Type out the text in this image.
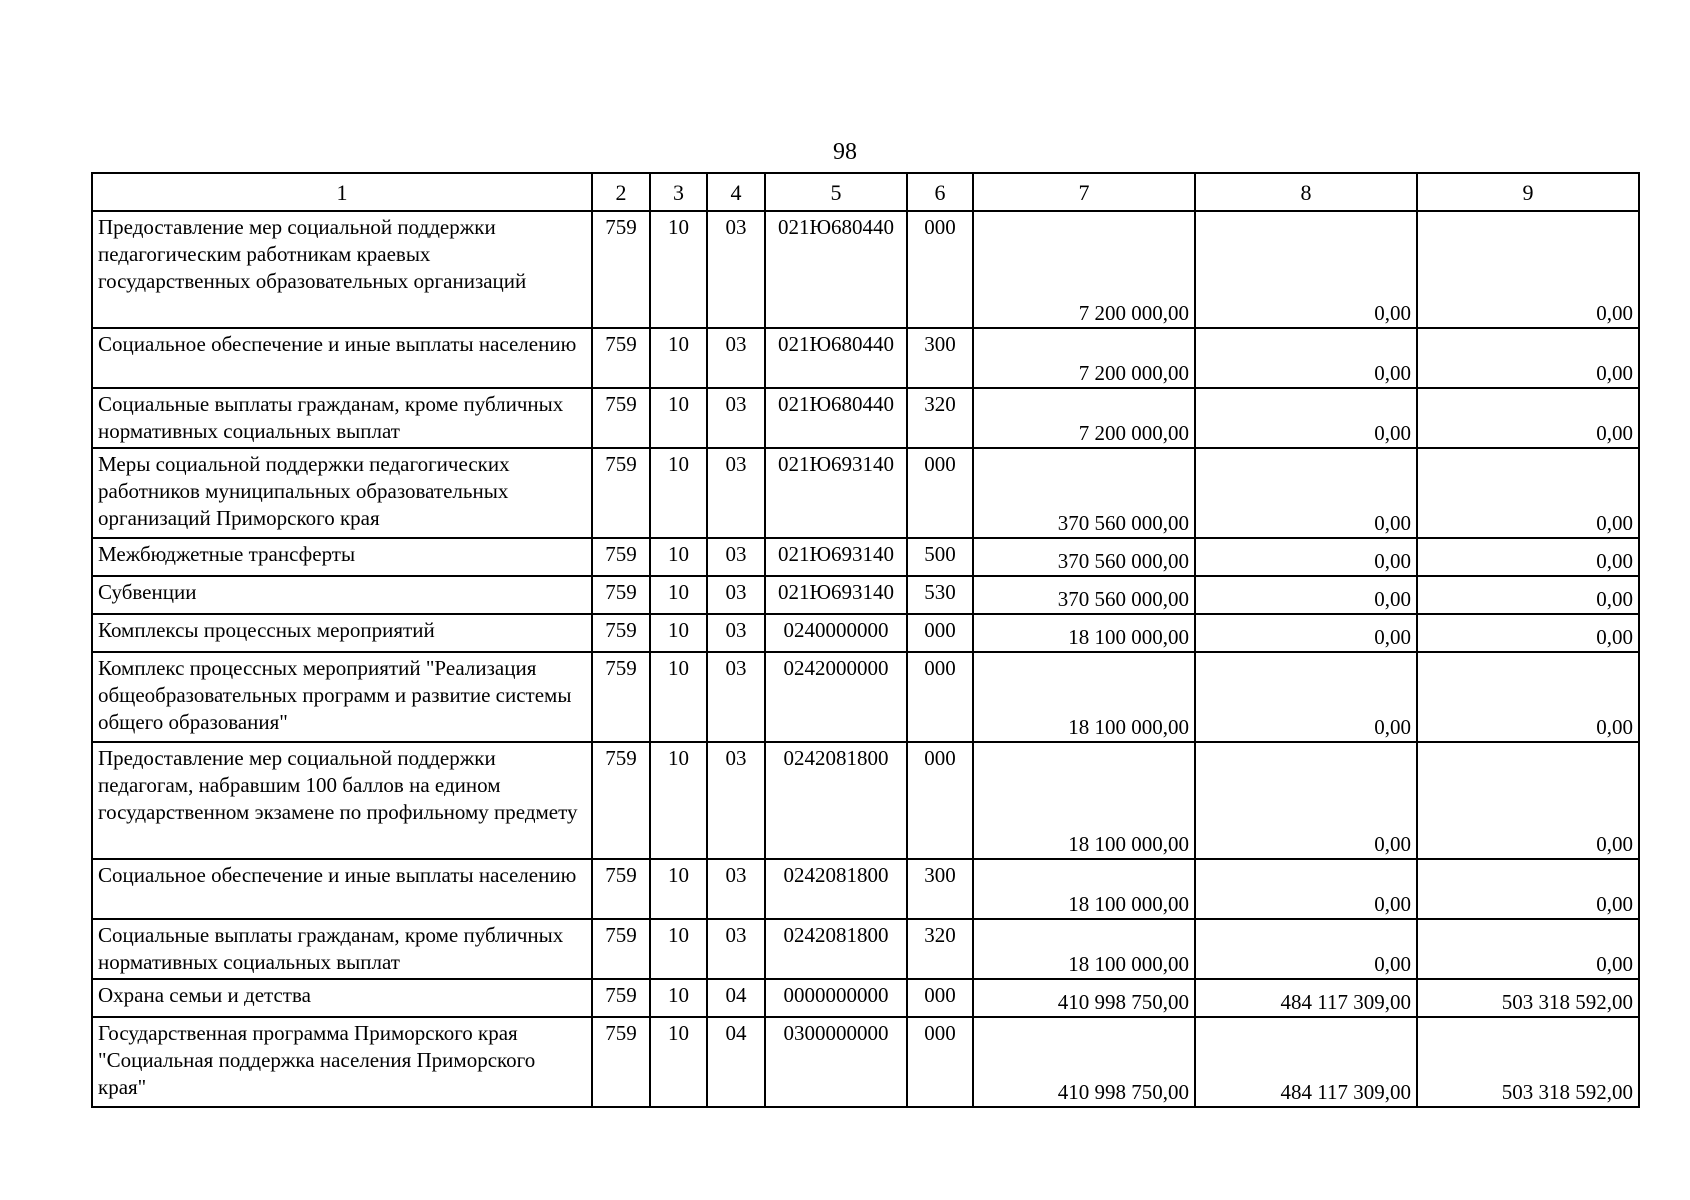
98
1	2	3	4	5	6	7	8	9
Предоставление мер социальной поддержки педагогическим работникам краевых государственных образовательных организаций	759	10	03	021Ю680440	000	7 200 000,00	0,00	0,00
Социальное обеспечение и иные выплаты населению	759	10	03	021Ю680440	300	7 200 000,00	0,00	0,00
Социальные выплаты гражданам, кроме публичных нормативных социальных выплат	759	10	03	021Ю680440	320	7 200 000,00	0,00	0,00
Меры социальной поддержки педагогических работников муниципальных образовательных организаций Приморского края	759	10	03	021Ю693140	000	370 560 000,00	0,00	0,00
Межбюджетные трансферты	759	10	03	021Ю693140	500	370 560 000,00	0,00	0,00
Субвенции	759	10	03	021Ю693140	530	370 560 000,00	0,00	0,00
Комплексы процессных мероприятий	759	10	03	0240000000	000	18 100 000,00	0,00	0,00
Комплекс процессных мероприятий "Реализация общеобразовательных программ и развитие системы общего образования"	759	10	03	0242000000	000	18 100 000,00	0,00	0,00
Предоставление мер социальной поддержки педагогам, набравшим 100 баллов на едином государственном экзамене по профильному предмету	759	10	03	0242081800	000	18 100 000,00	0,00	0,00
Социальное обеспечение и иные выплаты населению	759	10	03	0242081800	300	18 100 000,00	0,00	0,00
Социальные выплаты гражданам, кроме публичных нормативных социальных выплат	759	10	03	0242081800	320	18 100 000,00	0,00	0,00
Охрана семьи и детства	759	10	04	0000000000	000	410 998 750,00	484 117 309,00	503 318 592,00
Государственная программа Приморского края "Социальная поддержка населения Приморского края"	759	10	04	0300000000	000	410 998 750,00	484 117 309,00	503 318 592,00
